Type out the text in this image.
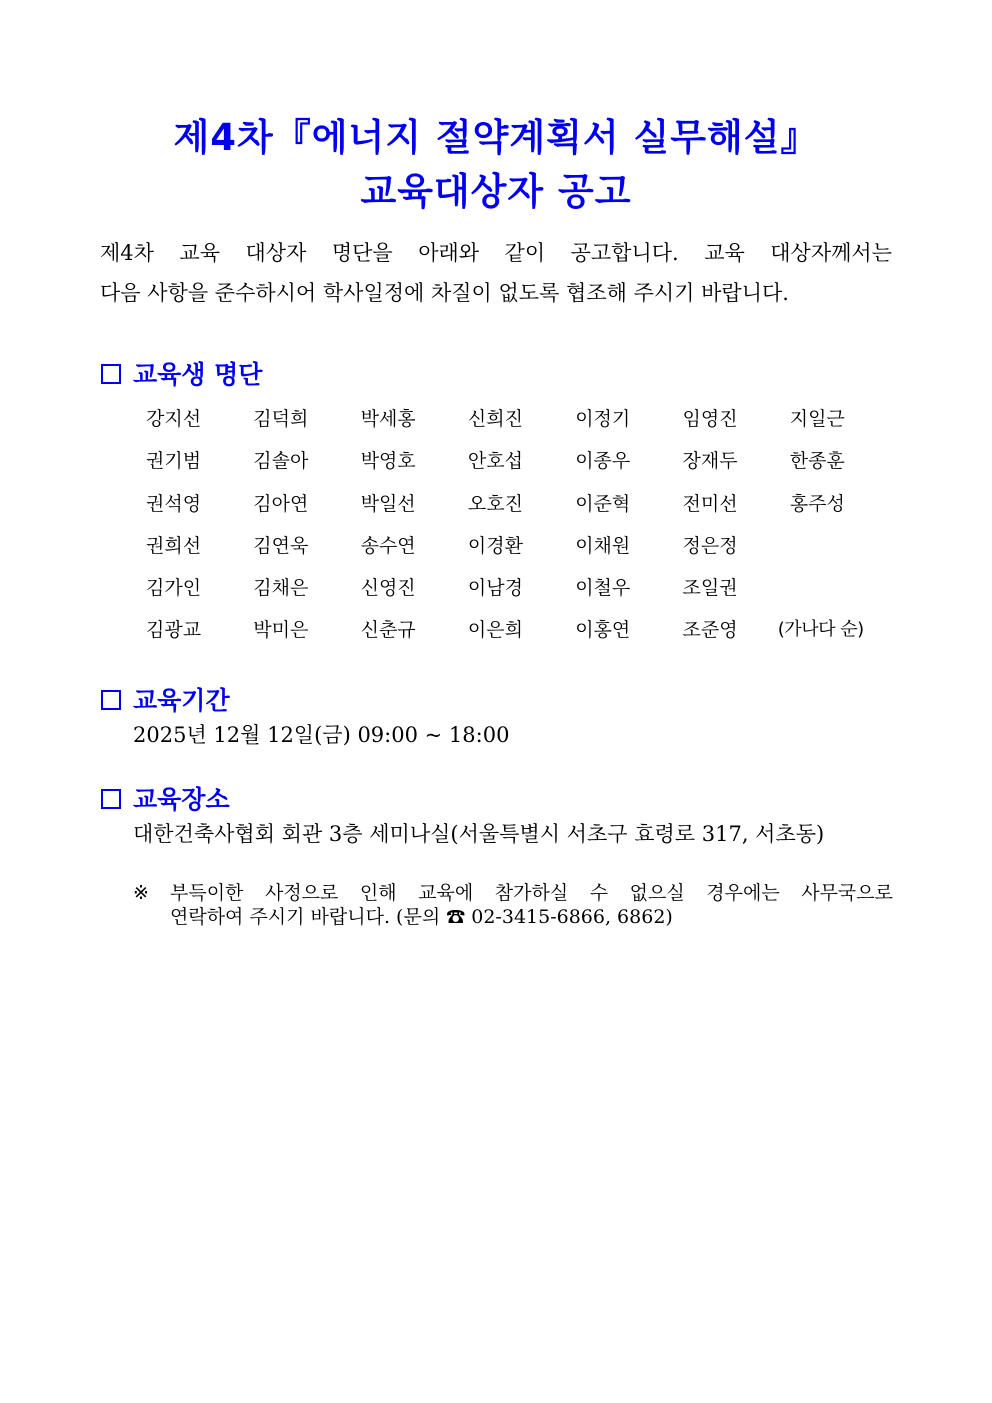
제4차『에너지 절약계획서 실무해설』
교육대상자 공고

제4차 교육 대상자 명단을 아래와 같이 공고합니다. 교육 대상자께서는

다음 사항을 준수하시어 학사일정에 차질이 없도록 협조해 주시기 바랍니다.

교육생 명단
강지선	김덕희	박세홍	신희진	이정기	임영진	지일근
권기범	김솔아	박영호	안호섭	이종우	장재두	한종훈
권석영	김아연	박일선	오호진	이준혁	전미선	홍주성
권희선	김연욱	송수연	이경환	이채원	정은정
김가인	김채은	신영진	이남경	이철우	조일권
김광교	박미은	신춘규	이은희	이홍연	조준영	(가나다 순)
교육기간
2025년 12월 12일(금) 09:00 ~ 18:00
교육장소
대한건축사협회 회관 3층 세미나실(서울특별시 서초구 효령로 317, 서초동)
※	부득이한 사정으로 인해 교육에 참가하실 수 없으실 경우에는 사무국으로
연락하여 주시기 바랍니다. (문의 ☎ 02-3415-6866, 6862)
